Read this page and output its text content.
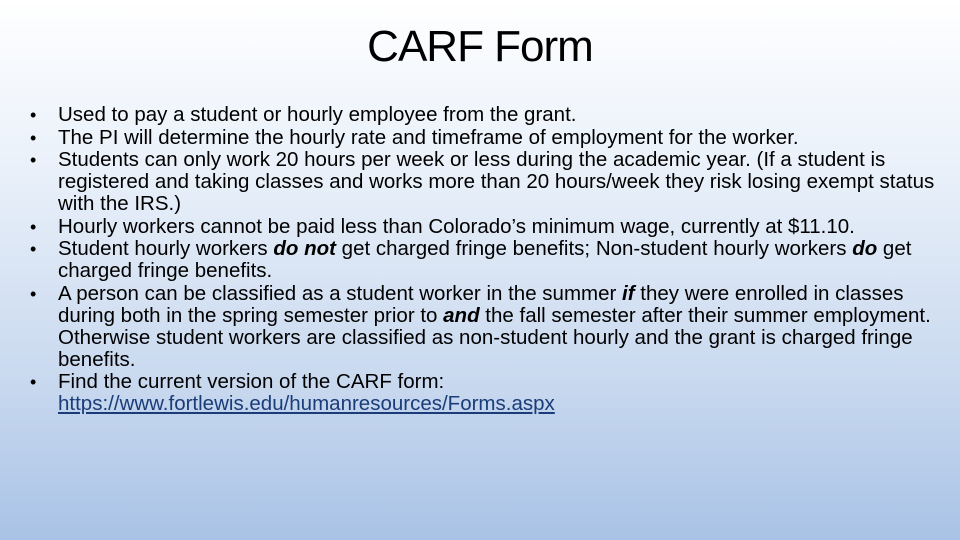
CARF Form
• Used to pay a student or hourly employee from the grant.
• The PI will determine the hourly rate and timeframe of employment for the worker.
• Students can only work 20 hours per week or less during the academic year. (If a student is registered and taking classes and works more than 20 hours/week they risk losing exempt status with the IRS.)
• Hourly workers cannot be paid less than Colorado’s minimum wage, currently at $11.10.
• Student hourly workers do not get charged fringe benefits; Non-student hourly workers do get charged fringe benefits.
• A person can be classified as a student worker in the summer if they were enrolled in classes during both in the spring semester prior to and the fall semester after their summer employment. Otherwise student workers are classified as non-student hourly and the grant is charged fringe benefits.
• Find the current version of the CARF form:
https://www.fortlewis.edu/humanresources/Forms.aspx
